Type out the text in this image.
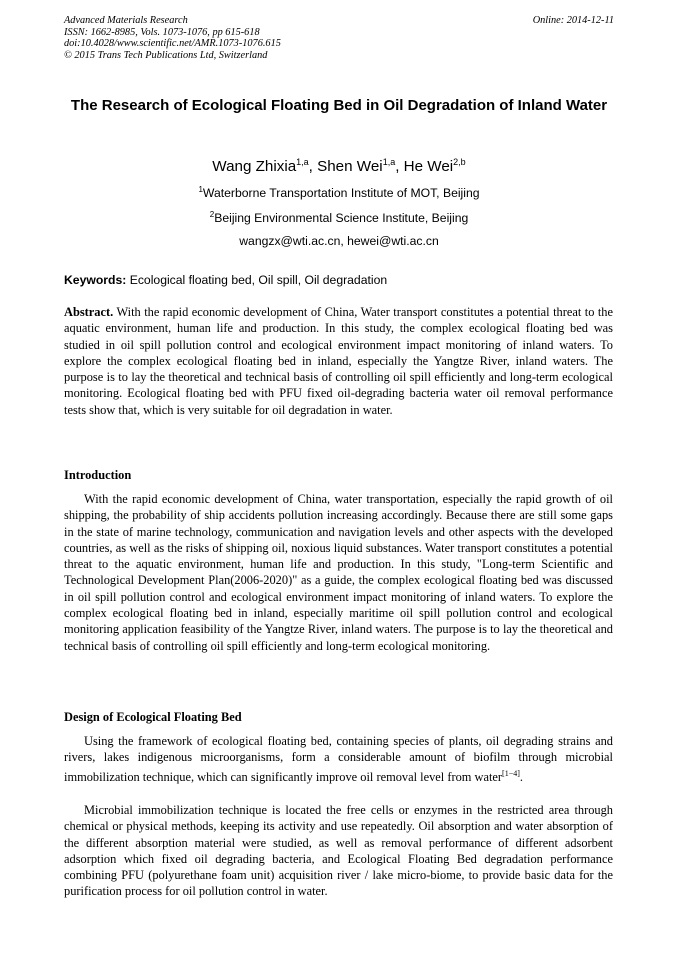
Advanced Materials Research
ISSN: 1662-8985, Vols. 1073-1076, pp 615-618
doi:10.4028/www.scientific.net/AMR.1073-1076.615
© 2015 Trans Tech Publications Ltd, Switzerland
Online: 2014-12-11
The Research of Ecological Floating Bed in Oil Degradation of Inland Water
Wang Zhixia$^{1,a}$, Shen Wei$^{1,a}$, He Wei$^{2,b}$
$^1$Waterborne Transportation Institute of MOT, Beijing
$^2$Beijing Environmental Science Institute, Beijing
wangzx@wti.ac.cn, hewei@wti.ac.cn
Keywords: Ecological floating bed, Oil spill, Oil degradation
Abstract. With the rapid economic development of China, Water transport constitutes a potential threat to the aquatic environment, human life and production. In this study, the complex ecological floating bed was studied in oil spill pollution control and ecological environment impact monitoring of inland waters. To explore the complex ecological floating bed in inland, especially the Yangtze River, inland waters. The purpose is to lay the theoretical and technical basis of controlling oil spill efficiently and long-term ecological monitoring. Ecological floating bed with PFU fixed oil-degrading bacteria water oil removal performance tests show that, which is very suitable for oil degradation in water.
Introduction
With the rapid economic development of China, water transportation, especially the rapid growth of oil shipping, the probability of ship accidents pollution increasing accordingly. Because there are still some gaps in the state of marine technology, communication and navigation levels and other aspects with the developed countries, as well as the risks of shipping oil, noxious liquid substances. Water transport constitutes a potential threat to the aquatic environment, human life and production. In this study, "Long-term Scientific and Technological Development Plan(2006-2020)" as a guide, the complex ecological floating bed was discussed in oil spill pollution control and ecological environment impact monitoring of inland waters. To explore the complex ecological floating bed in inland, especially maritime oil spill pollution control and ecological monitoring application feasibility of the Yangtze River, inland waters. The purpose is to lay the theoretical and technical basis of controlling oil spill efficiently and long-term ecological monitoring.
Design of Ecological Floating Bed
Using the framework of ecological floating bed, containing species of plants, oil degrading strains and rivers, lakes indigenous microorganisms, form a considerable amount of biofilm through microbial immobilization technique, which can significantly improve oil removal level from water[1−4].
Microbial immobilization technique is located the free cells or enzymes in the restricted area through chemical or physical methods, keeping its activity and use repeatedly. Oil absorption and water absorption of the different absorption material were studied, as well as removal performance of different adsorbent adsorption which fixed oil degrading bacteria, and Ecological Floating Bed degradation performance combining PFU (polyurethane foam unit) acquisition river / lake micro-biome, to provide basic data for the purification process for oil pollution control in water.
